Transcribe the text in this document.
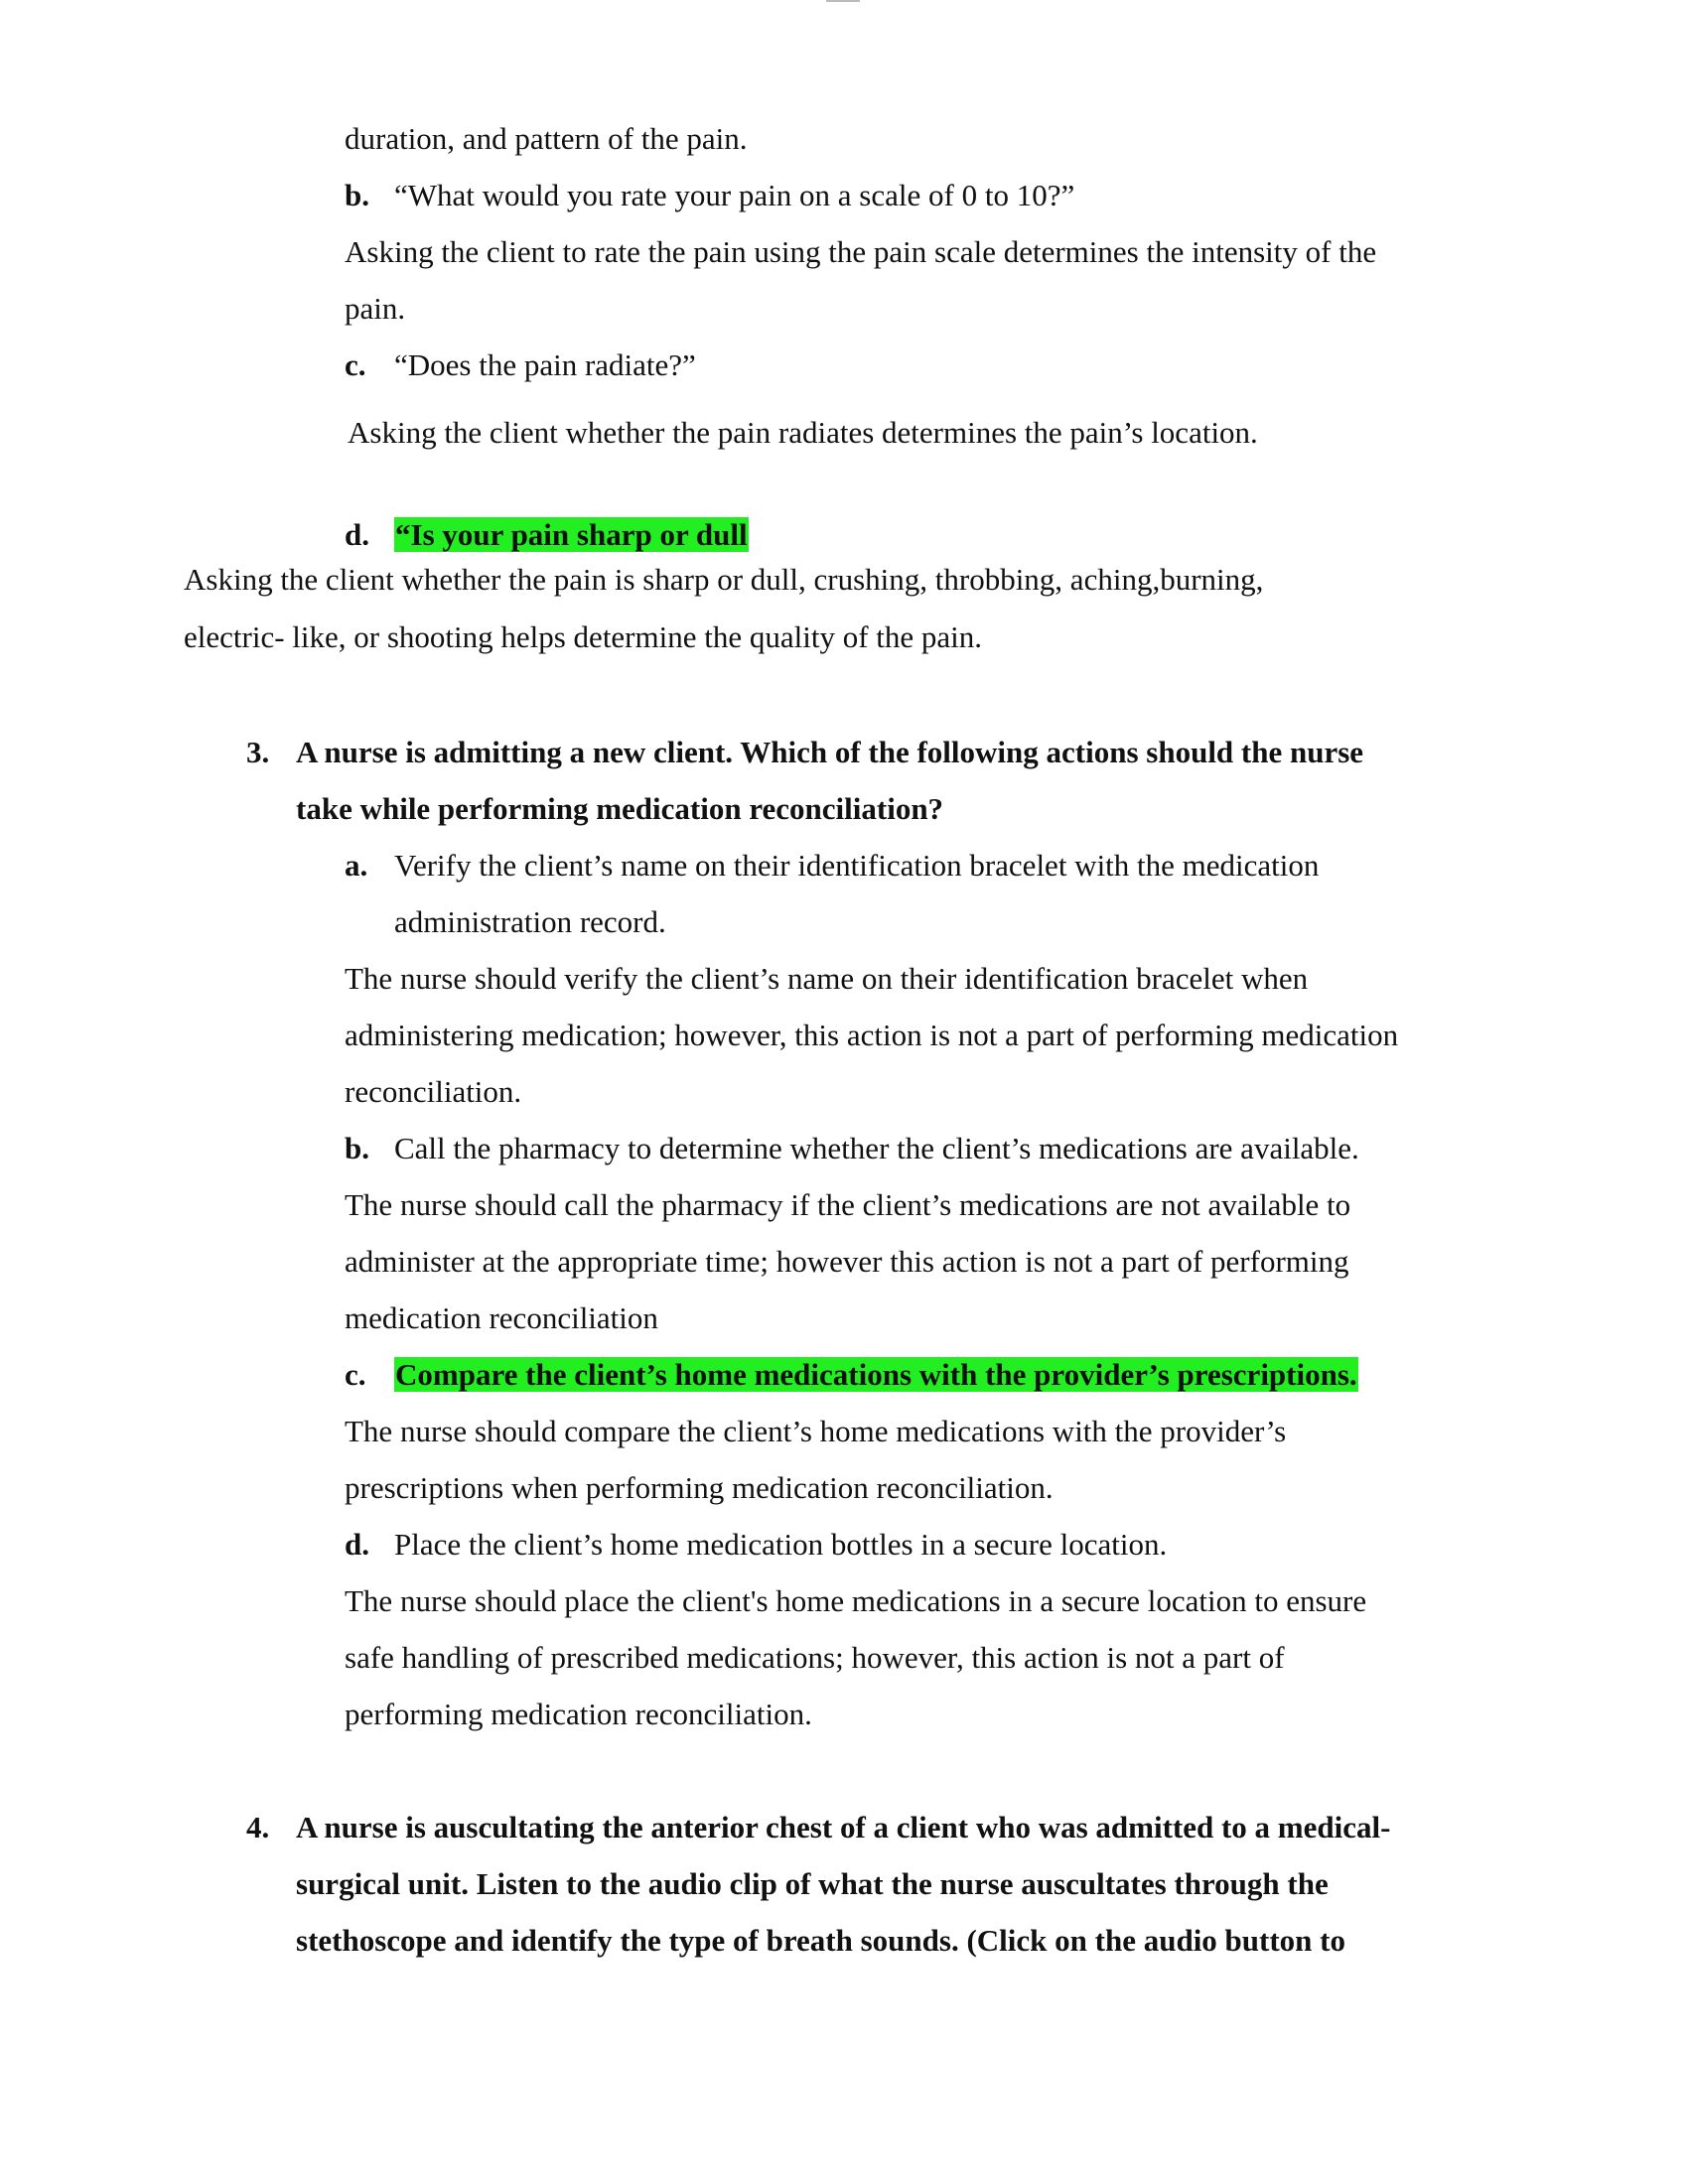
duration, and pattern of the pain.
b. “What would you rate your pain on a scale of 0 to 10?”
Asking the client to rate the pain using the pain scale determines the intensity of the
pain.
c. “Does the pain radiate?”
Asking the client whether the pain radiates determines the pain’s location.
d. “Is your pain sharp or dull
Asking the client whether the pain is sharp or dull, crushing, throbbing, aching,burning,
electric- like, or shooting helps determine the quality of the pain.
3. A nurse is admitting a new client. Which of the following actions should the nurse
take while performing medication reconciliation?
a. Verify the client’s name on their identification bracelet with the medication
administration record.
The nurse should verify the client’s name on their identification bracelet when
administering medication; however, this action is not a part of performing medication
reconciliation.
b. Call the pharmacy to determine whether the client’s medications are available.
The nurse should call the pharmacy if the client’s medications are not available to
administer at the appropriate time; however this action is not a part of performing
medication reconciliation
c. Compare the client’s home medications with the provider’s prescriptions.
The nurse should compare the client’s home medications with the provider’s
prescriptions when performing medication reconciliation.
d. Place the client’s home medication bottles in a secure location.
The nurse should place the client's home medications in a secure location to ensure
safe handling of prescribed medications; however, this action is not a part of
performing medication reconciliation.
4. A nurse is auscultating the anterior chest of a client who was admitted to a medical-
surgical unit. Listen to the audio clip of what the nurse auscultates through the
stethoscope and identify the type of breath sounds. (Click on the audio button to
